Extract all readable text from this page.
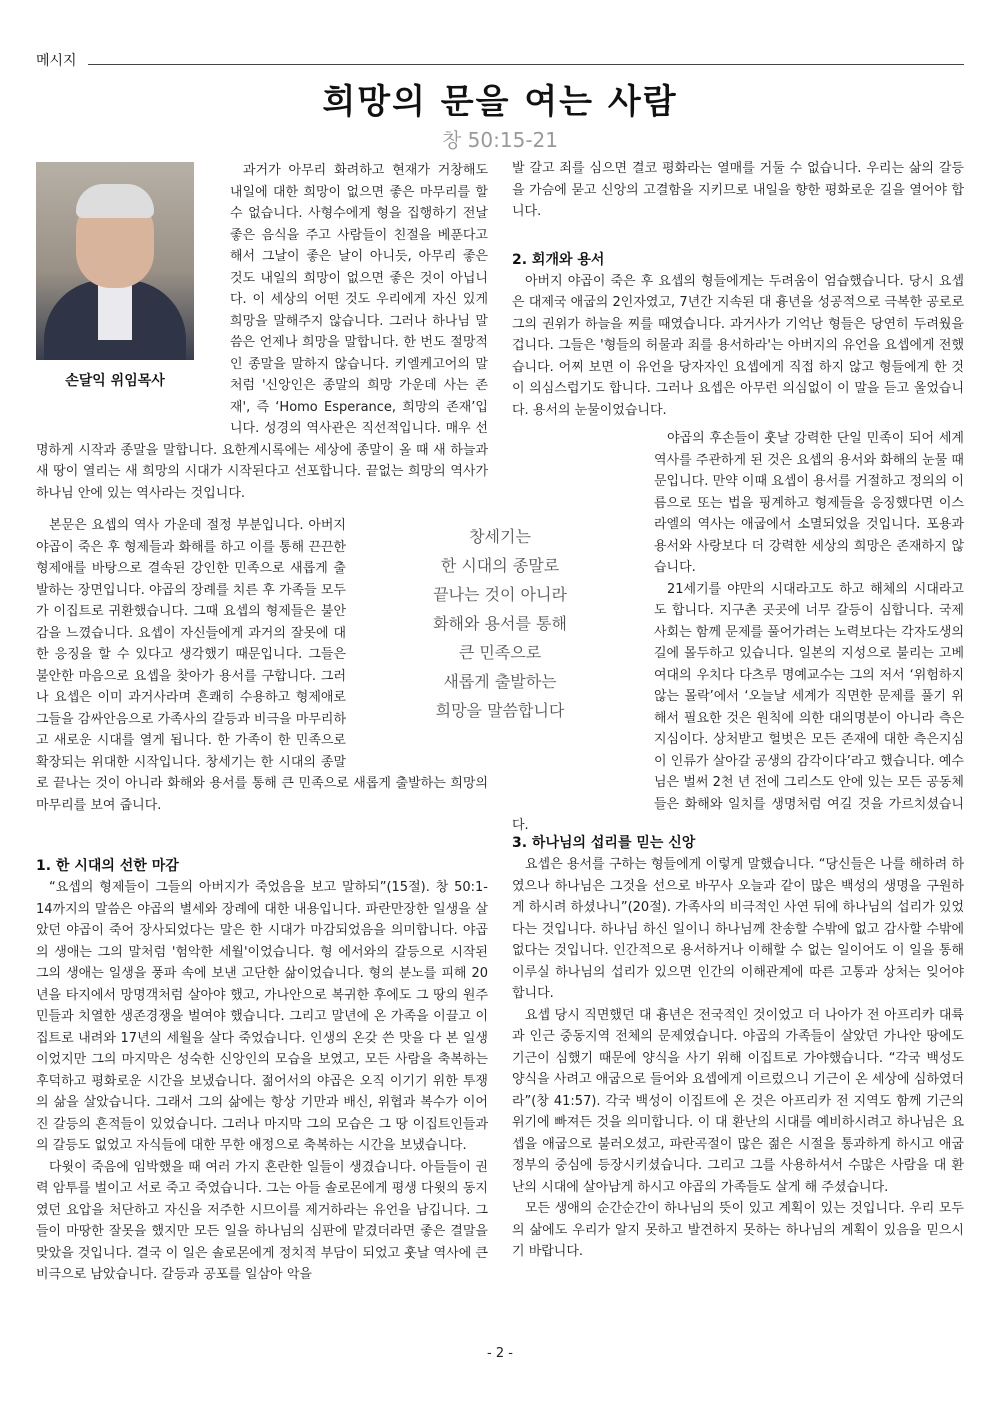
메시지
희망의 문을 여는 사람
창 50:15-21
손달익 위임목사

과거가 아무리 화려하고 현재가 거창해도 내일에 대한 희망이 없으면 좋은 마무리를 할 수 없습니다. 사형수에게 형을 집행하기 전날 좋은 음식을 주고 사람들이 친절을 베푼다고 해서 그날이 좋은 날이 아니듯, 아무리 좋은 것도 내일의 희망이 없으면 좋은 것이 아닙니다. 이 세상의 어떤 것도 우리에게 자신 있게 희망을 말해주지 않습니다. 그러나 하나님 말씀은 언제나 희망을 말합니다. 한 번도 절망적인 종말을 말하지 않습니다. 키엘케고어의 말처럼 '신앙인은 종말의 희망 가운데 사는 존재', 즉 ‘Homo Esperance, 희망의 존재’입니다. 성경의 역사관은 직선적입니다. 매우 선명하게 시작과 종말을 말합니다. 요한계시록에는 세상에 종말이 올 때 새 하늘과 새 땅이 열리는 새 희망의 시대가 시작된다고 선포합니다. 끝없는 희망의 역사가 하나님 안에 있는 역사라는 것입니다.

본문은 요셉의 역사 가운데 절정 부분입니다. 아버지 야곱이 죽은 후 형제들과 화해를 하고 이를 통해 끈끈한 형제애를 바탕으로 결속된 강인한 민족으로 새롭게 출발하는 장면입니다. 야곱의 장례를 치른 후 가족들 모두가 이집트로 귀환했습니다. 그때 요셉의 형제들은 불안감을 느꼈습니다. 요셉이 자신들에게 과거의 잘못에 대한 응징을 할 수 있다고 생각했기 때문입니다. 그들은 불안한 마음으로 요셉을 찾아가 용서를 구합니다. 그러나 요셉은 이미 과거사라며 흔쾌히 수용하고 형제애로 그들을 감싸안음으로 가족사의 갈등과 비극을 마무리하고 새로운 시대를 열게 됩니다. 한 가족이 한 민족으로 확장되는 위대한 시작입니다. 창세기는 한 시대의 종말로 끝나는 것이 아니라 화해와 용서를 통해 큰 민족으로 새롭게 출발하는 희망의 마무리를 보여 줍니다.

1. 한 시대의 선한 마감

“요셉의 형제들이 그들의 아버지가 죽었음을 보고 말하되”(15절). 창 50:1-14까지의 말씀은 야곱의 별세와 장례에 대한 내용입니다. 파란만장한 일생을 살았던 야곱이 죽어 장사되었다는 말은 한 시대가 마감되었음을 의미합니다. 야곱의 생애는 그의 말처럼 '험악한 세월'이었습니다. 형 에서와의 갈등으로 시작된 그의 생애는 일생을 풍파 속에 보낸 고단한 삶이었습니다. 형의 분노를 피해 20년을 타지에서 망명객처럼 살아야 했고, 가나안으로 복귀한 후에도 그 땅의 원주민들과 치열한 생존경쟁을 벌여야 했습니다. 그리고 말년에 온 가족을 이끌고 이집트로 내려와 17년의 세월을 살다 죽었습니다. 인생의 온갖 쓴 맛을 다 본 일생이었지만 그의 마지막은 성숙한 신앙인의 모습을 보였고, 모든 사람을 축복하는 후덕하고 평화로운 시간을 보냈습니다. 젊어서의 야곱은 오직 이기기 위한 투쟁의 삶을 살았습니다. 그래서 그의 삶에는 항상 기만과 배신, 위협과 복수가 이어진 갈등의 흔적들이 있었습니다. 그러나 마지막 그의 모습은 그 땅 이집트인들과의 갈등도 없었고 자식들에 대한 무한 애정으로 축복하는 시간을 보냈습니다.

다윗이 죽음에 임박했을 때 여러 가지 혼란한 일들이 생겼습니다. 아들들이 권력 암투를 벌이고 서로 죽고 죽였습니다. 그는 아들 솔로몬에게 평생 다윗의 동지였던 요압을 처단하고 자신을 저주한 시므이를 제거하라는 유언을 남깁니다. 그들이 마땅한 잘못을 했지만 모든 일을 하나님의 심판에 맡겼더라면 좋은 결말을 맞았을 것입니다. 결국 이 일은 솔로몬에게 정치적 부담이 되었고 훗날 역사에 큰 비극으로 남았습니다. 갈등과 공포를 일삼아 악을

발 갈고 죄를 심으면 결코 평화라는 열매를 거둘 수 없습니다. 우리는 삶의 갈등을 가슴에 묻고 신앙의 고결함을 지키므로 내일을 향한 평화로운 길을 열어야 합니다.

2. 회개와 용서

아버지 야곱이 죽은 후 요셉의 형들에게는 두려움이 엄습했습니다. 당시 요셉은 대제국 애굽의 2인자였고, 7년간 지속된 대 흉년을 성공적으로 극복한 공로로 그의 권위가 하늘을 찌를 때였습니다. 과거사가 기억난 형들은 당연히 두려웠을 겁니다. 그들은 '형들의 허물과 죄를 용서하라'는 아버지의 유언을 요셉에게 전했습니다. 어찌 보면 이 유언을 당자자인 요셉에게 직접 하지 않고 형들에게 한 것이 의심스럽기도 합니다. 그러나 요셉은 아무런 의심없이 이 말을 듣고 울었습니다. 용서의 눈물이었습니다.

야곱의 후손들이 훗날 강력한 단일 민족이 되어 세계 역사를 주관하게 된 것은 요셉의 용서와 화해의 눈물 때문입니다. 만약 이때 요셉이 용서를 거절하고 정의의 이름으로 또는 법을 핑계하고 형제들을 응징했다면 이스라엘의 역사는 애굽에서 소멸되었을 것입니다. 포용과 용서와 사랑보다 더 강력한 세상의 희망은 존재하지 않습니다.

21세기를 야만의 시대라고도 하고 해체의 시대라고도 합니다. 지구촌 곳곳에 너무 갈등이 심합니다. 국제사회는 함께 문제를 풀어가려는 노력보다는 각자도생의 길에 몰두하고 있습니다. 일본의 지성으로 불리는 고베 여대의 우치다 다츠루 명예교수는 그의 저서 ‘위험하지 않는 몰락’에서 ‘오늘날 세계가 직면한 문제를 풀기 위해서 필요한 것은 원칙에 의한 대의명분이 아니라 측은지심이다. 상처받고 헐벗은 모든 존재에 대한 측은지심이 인류가 살아갈 공생의 감각이다’라고 했습니다. 예수님은 벌써 2천 년 전에 그리스도 안에 있는 모든 공동체들은 화해와 일치를 생명처럼 여길 것을 가르치셨습니다.

3. 하나님의 섭리를 믿는 신앙

요셉은 용서를 구하는 형들에게 이렇게 말했습니다. “당신들은 나를 해하려 하였으나 하나님은 그것을 선으로 바꾸사 오늘과 같이 많은 백성의 생명을 구원하게 하시려 하셨나니”(20절). 가족사의 비극적인 사연 뒤에 하나님의 섭리가 있었다는 것입니다. 하나님 하신 일이니 하나님께 찬송할 수밖에 없고 감사할 수밖에 없다는 것입니다. 인간적으로 용서하거나 이해할 수 없는 일이어도 이 일을 통해 이루실 하나님의 섭리가 있으면 인간의 이해관계에 따른 고통과 상처는 잊어야 합니다.

요셉 당시 직면했던 대 흉년은 전국적인 것이었고 더 나아가 전 아프리카 대륙과 인근 중동지역 전체의 문제였습니다. 야곱의 가족들이 살았던 가나안 땅에도 기근이 심했기 때문에 양식을 사기 위해 이집트로 가야했습니다. “각국 백성도 양식을 사려고 애굽으로 들어와 요셉에게 이르렀으니 기근이 온 세상에 심하였더라”(창 41:57). 각국 백성이 이집트에 온 것은 아프리카 전 지역도 함께 기근의 위기에 빠져든 것을 의미합니다. 이 대 환난의 시대를 예비하시려고 하나님은 요셉을 애굽으로 불러오셨고, 파란곡절이 많은 젊은 시절을 통과하게 하시고 애굽 정부의 중심에 등장시키셨습니다. 그리고 그를 사용하셔서 수많은 사람을 대 환난의 시대에 살아남게 하시고 야곱의 가족들도 살게 해 주셨습니다.

모든 생애의 순간순간이 하나님의 뜻이 있고 계획이 있는 것입니다. 우리 모두의 삶에도 우리가 알지 못하고 발견하지 못하는 하나님의 계획이 있음을 믿으시기 바랍니다.

창세기는
한 시대의 종말로
끝나는 것이 아니라
화해와 용서를 통해
큰 민족으로
새롭게 출발하는
희망을 말씀합니다
- 2 -
